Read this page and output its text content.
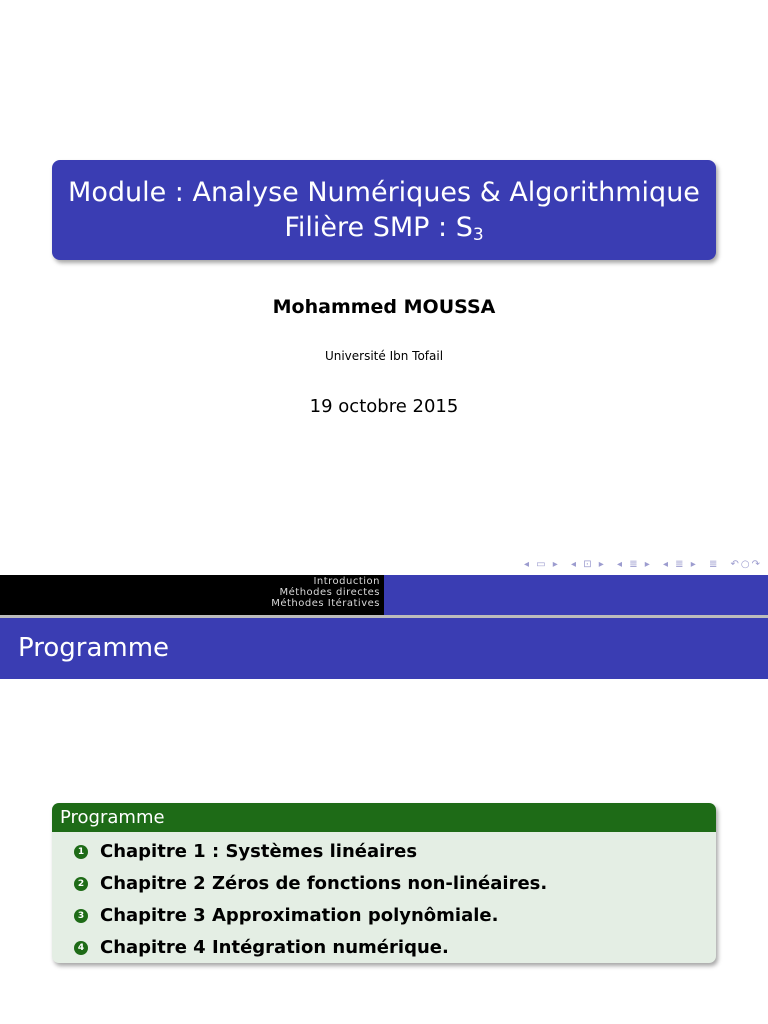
Module : Analyse Numériques & Algorithmique
Filière SMP : $S_3$
Mohammed MOUSSA
Université Ibn Tofail
19 octobre 2015
◂ ▭ ▸ ◂ ⊡ ▸ ◂ ≣ ▸ ◂ ≣ ▸ ≣ ↶○↷
Introduction
Méthodes directes
Méthodes Itératives
Programme
Programme
1 Chapitre 1 : Systèmes linéaires
2 Chapitre 2 Zéros de fonctions non-linéaires.
3 Chapitre 3 Approximation polynômiale.
4 Chapitre 4 Intégration numérique.
